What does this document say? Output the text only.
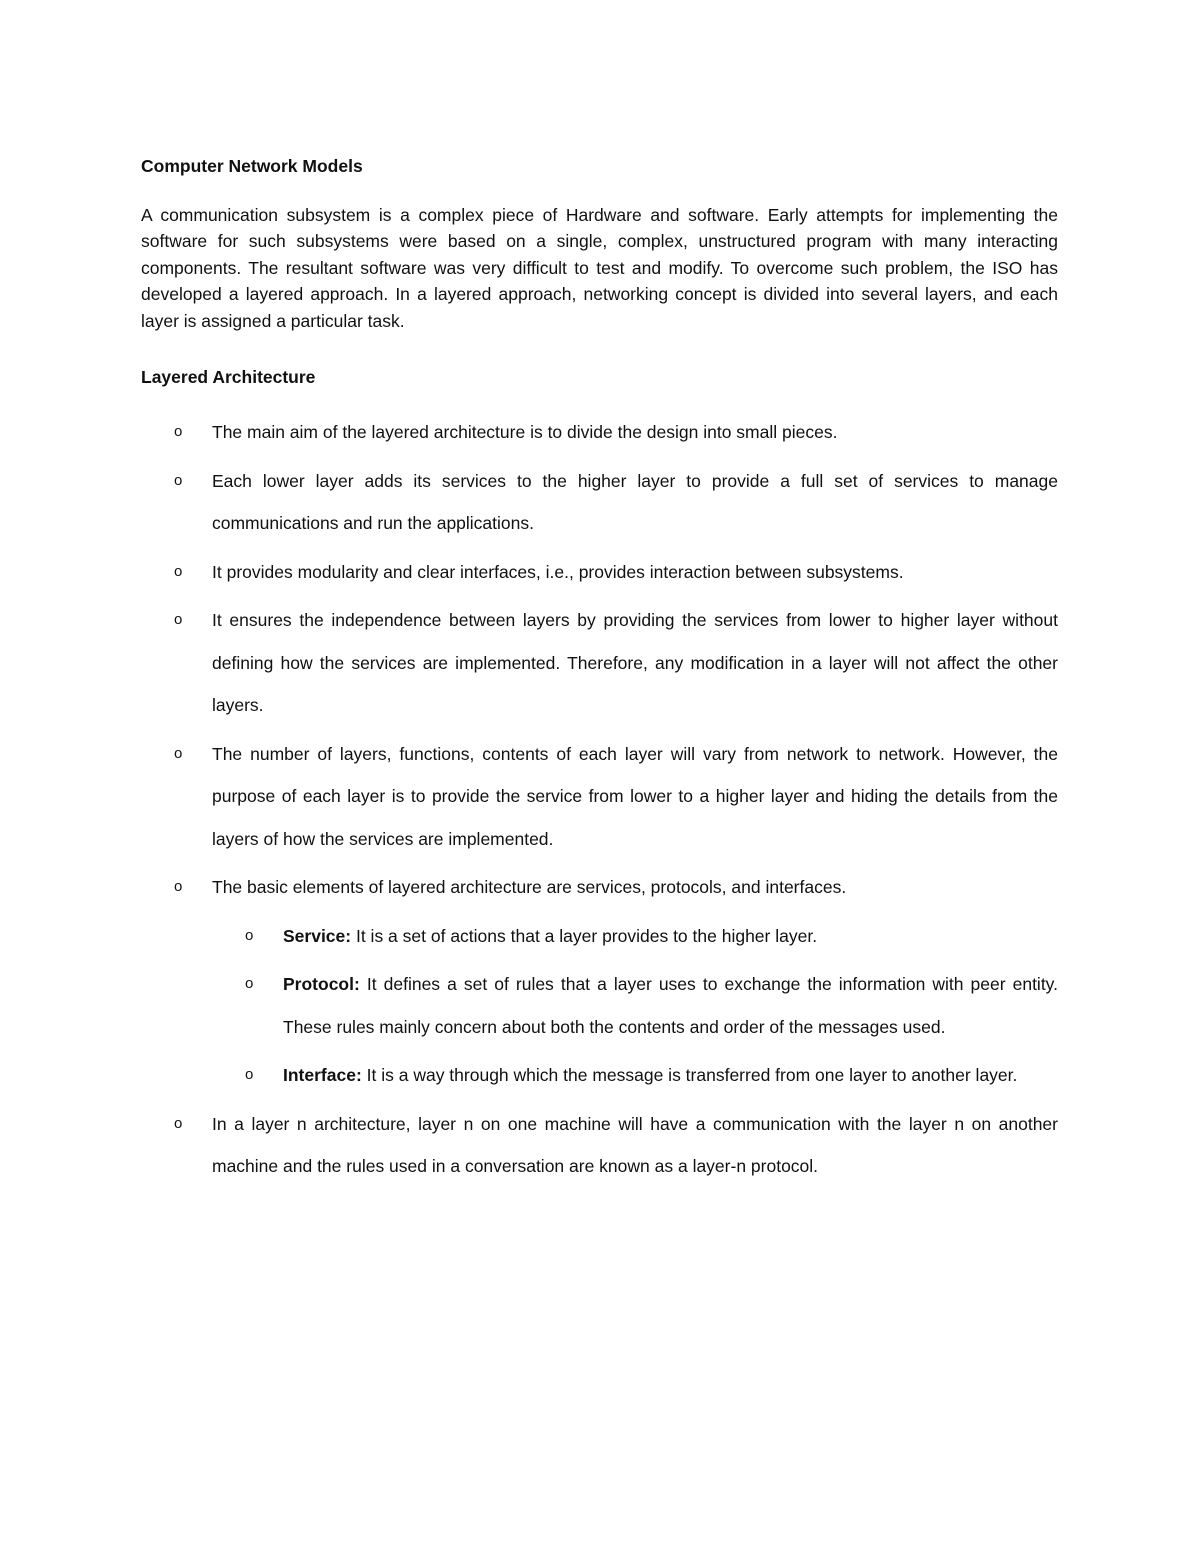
Computer Network Models

A communication subsystem is a complex piece of Hardware and software. Early attempts for implementing the software for such subsystems were based on a single, complex, unstructured program with many interacting components. The resultant software was very difficult to test and modify. To overcome such problem, the ISO has developed a layered approach. In a layered approach, networking concept is divided into several layers, and each layer is assigned a particular task.

Layered Architecture
o The main aim of the layered architecture is to divide the design into small pieces.
o Each lower layer adds its services to the higher layer to provide a full set of services to manage communications and run the applications.
o It provides modularity and clear interfaces, i.e., provides interaction between subsystems.
o It ensures the independence between layers by providing the services from lower to higher layer without defining how the services are implemented. Therefore, any modification in a layer will not affect the other layers.
o The number of layers, functions, contents of each layer will vary from network to network. However, the purpose of each layer is to provide the service from lower to a higher layer and hiding the details from the layers of how the services are implemented.
o The basic elements of layered architecture are services, protocols, and interfaces.
o Service: It is a set of actions that a layer provides to the higher layer.
o Protocol: It defines a set of rules that a layer uses to exchange the information with peer entity. These rules mainly concern about both the contents and order of the messages used.
o Interface: It is a way through which the message is transferred from one layer to another layer.
o In a layer n architecture, layer n on one machine will have a communication with the layer n on another machine and the rules used in a conversation are known as a layer-n protocol.
